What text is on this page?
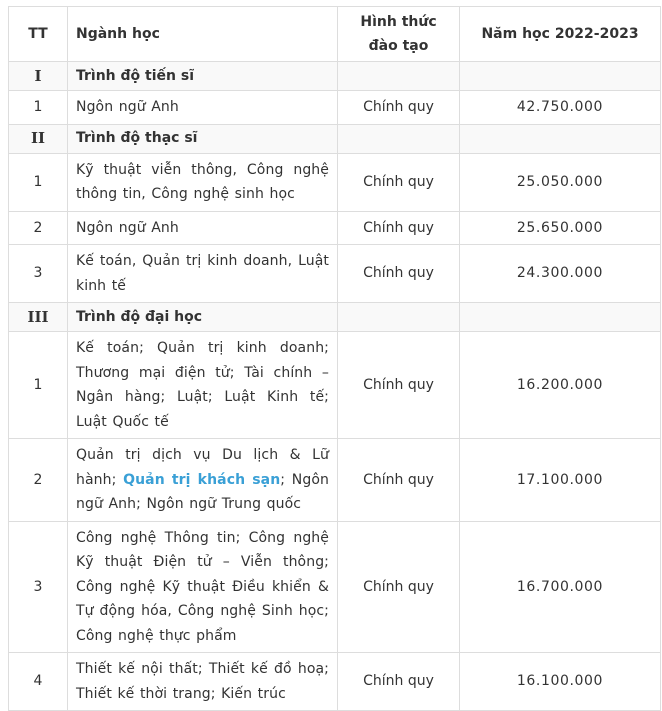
TT	Ngành học	Hình thức đào tạo	Năm học 2022-2023
I	Trình độ tiến sĩ		
1	Ngôn ngữ Anh	Chính quy	42.750.000
II	Trình độ thạc sĩ		
1	Kỹ thuật viễn thông, Công nghệ thông tin, Công nghệ sinh học	Chính quy	25.050.000
2	Ngôn ngữ Anh	Chính quy	25.650.000
3	Kế toán, Quản trị kinh doanh, Luật kinh tế	Chính quy	24.300.000
III	Trình độ đại học		
1	Kế toán; Quản trị kinh doanh; Thương mại điện tử; Tài chính – Ngân hàng; Luật; Luật Kinh tế; Luật Quốc tế	Chính quy	16.200.000
2	Quản trị dịch vụ Du lịch & Lữ hành; Quản trị khách sạn; Ngôn ngữ Anh; Ngôn ngữ Trung quốc	Chính quy	17.100.000
3	Công nghệ Thông tin; Công nghệ Kỹ thuật Điện tử – Viễn thông; Công nghệ Kỹ thuật Điều khiển & Tự động hóa, Công nghệ Sinh học; Công nghệ thực phẩm	Chính quy	16.700.000
4	Thiết kế nội thất; Thiết kế đồ hoạ; Thiết kế thời trang; Kiến trúc	Chính quy	16.100.000
